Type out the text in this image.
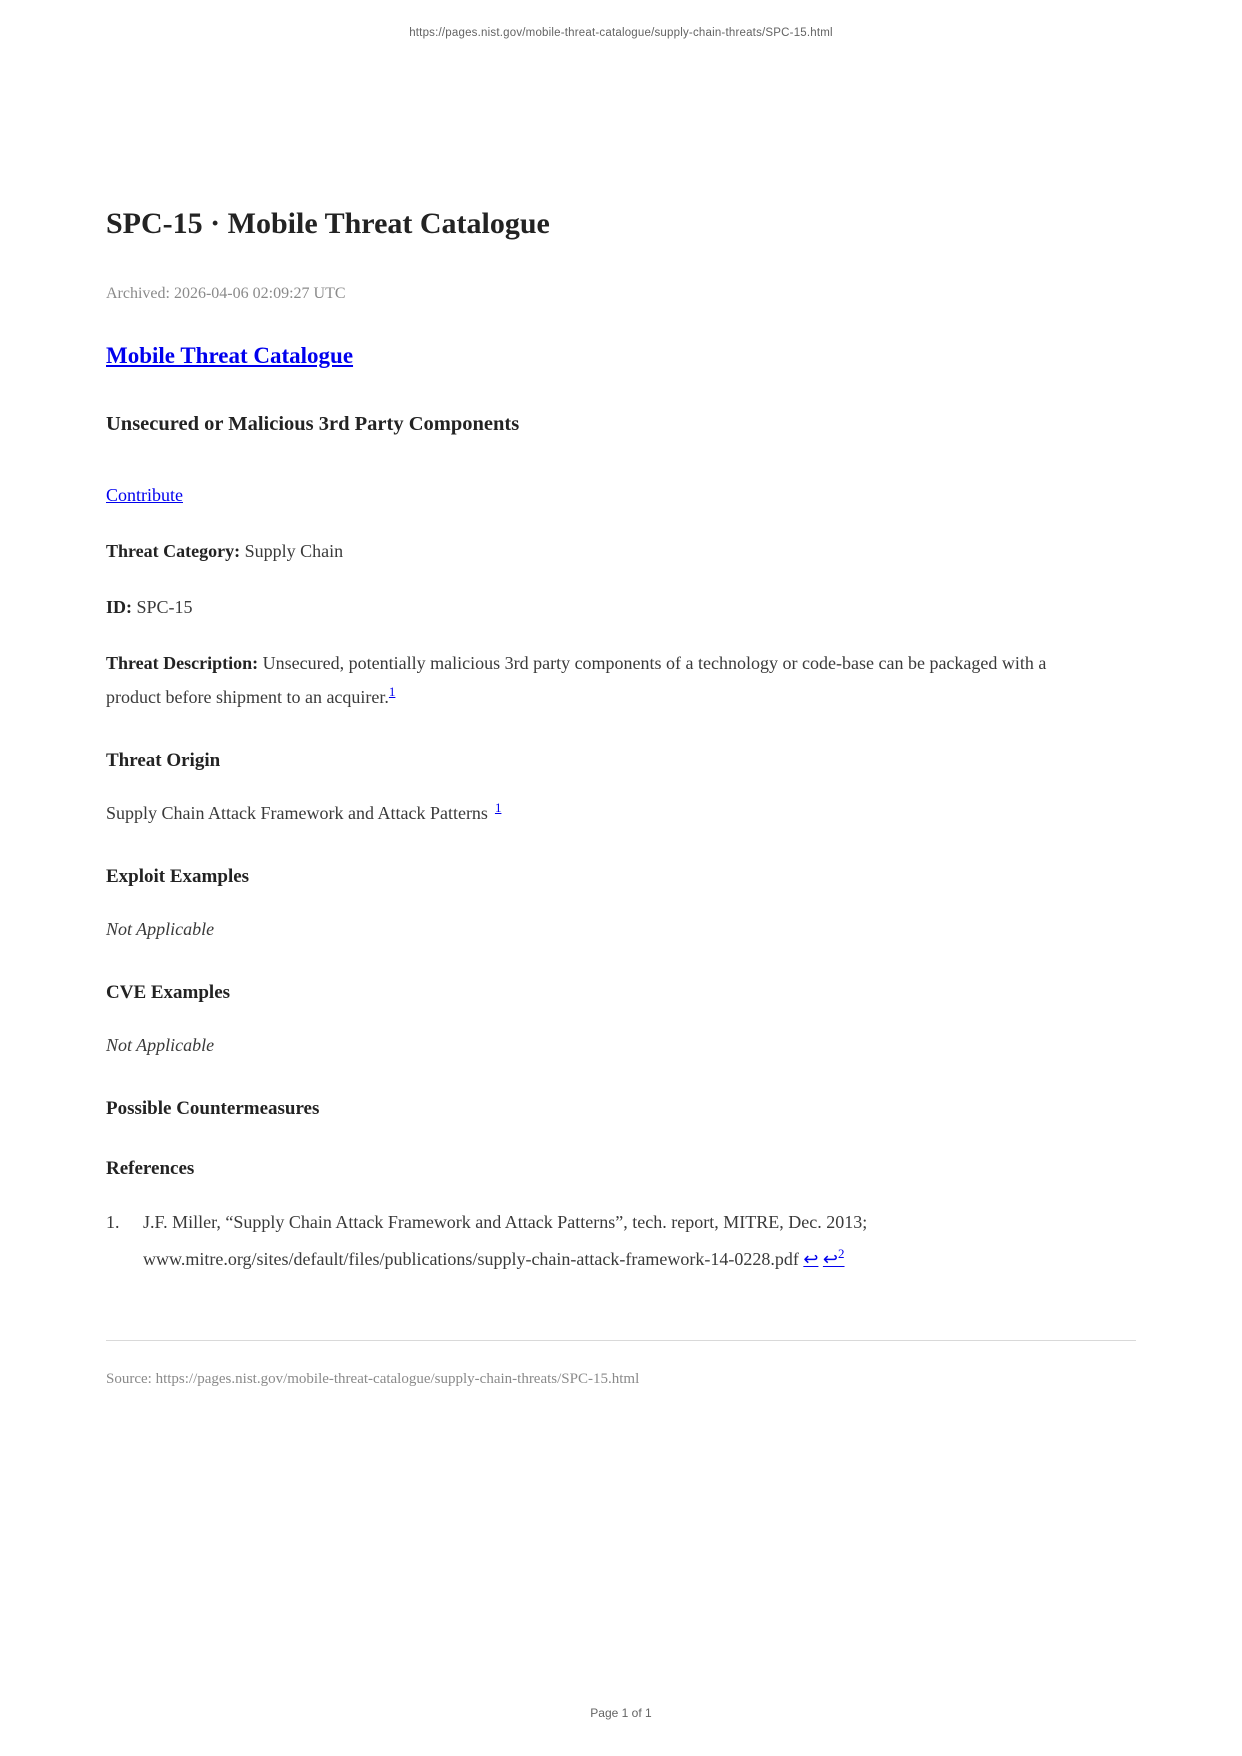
https://pages.nist.gov/mobile-threat-catalogue/supply-chain-threats/SPC-15.html
SPC-15 · Mobile Threat Catalogue

Archived: 2026-04-06 02:09:27 UTC

Mobile Threat Catalogue
Unsecured or Malicious 3rd Party Components

Contribute

Threat Category: Supply Chain

ID: SPC-15

Threat Description: Unsecured, potentially malicious 3rd party components of a technology or code-base can be packaged with a product before shipment to an acquirer.$^1$

Threat Origin

Supply Chain Attack Framework and Attack Patterns $^1$

Exploit Examples

Not Applicable

CVE Examples

Not Applicable

Possible Countermeasures
References
1. J.F. Miller, “Supply Chain Attack Framework and Attack Patterns”, tech. report, MITRE, Dec. 2013; www.mitre.org/sites/default/files/publications/supply-chain-attack-framework-14-0228.pdf ↩ ↩$^2$

Source: https://pages.nist.gov/mobile-threat-catalogue/supply-chain-threats/SPC-15.html

Page 1 of 1
